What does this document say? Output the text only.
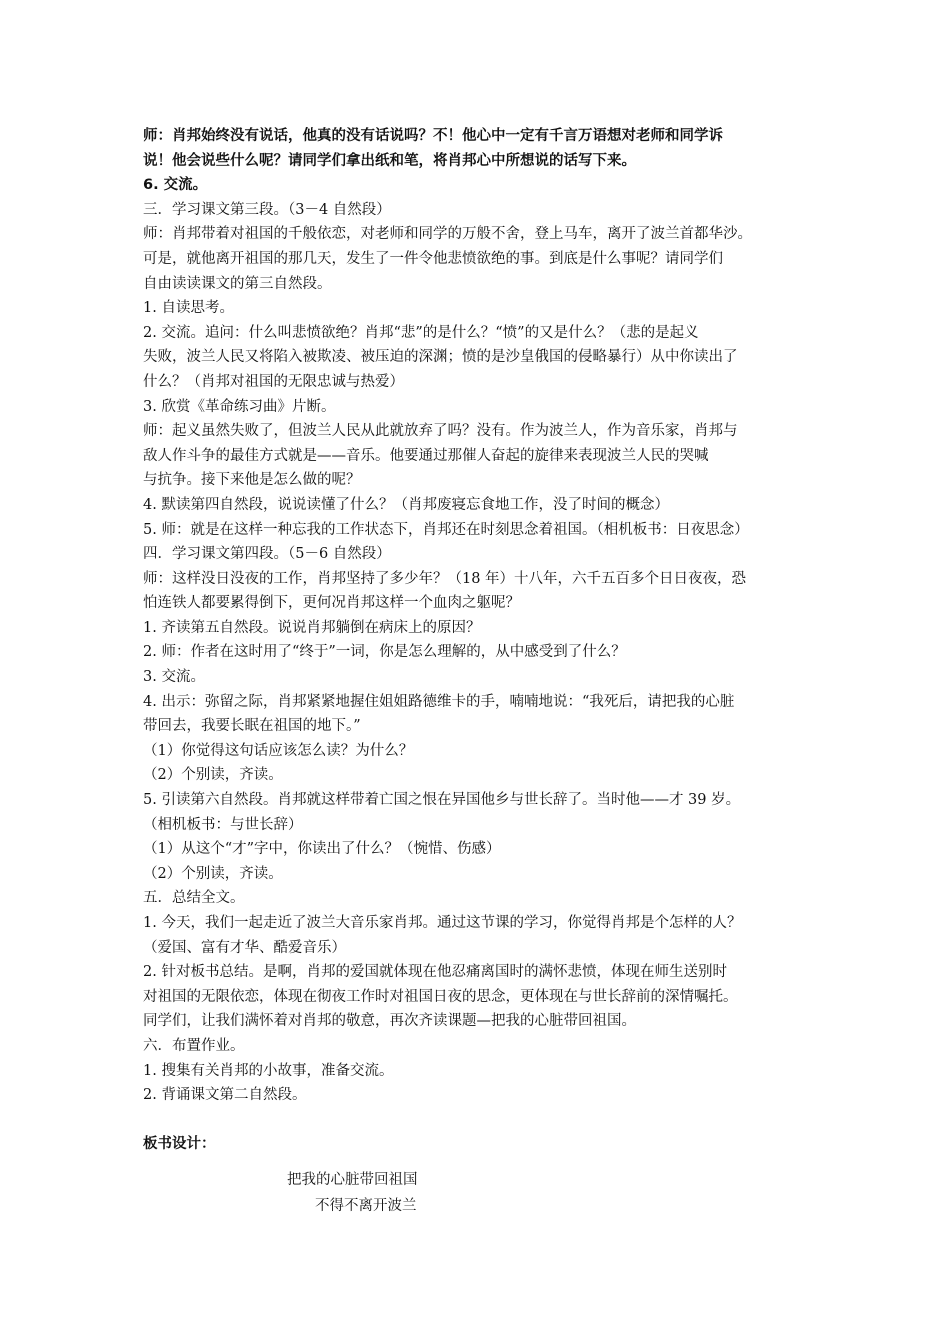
师：肖邦始终没有说话，他真的没有话说吗？不！他心中一定有千言万语想对老师和同学诉
说！他会说些什么呢？请同学们拿出纸和笔，将肖邦心中所想说的话写下来。
6. 交流。
三．学习课文第三段。（3－4 自然段）
师：肖邦带着对祖国的千般依恋，对老师和同学的万般不舍，登上马车，离开了波兰首都华沙。
可是，就他离开祖国的那几天，发生了一件令他悲愤欲绝的事。到底是什么事呢？请同学们
自由读读课文的第三自然段。
1. 自读思考。
2. 交流。追问：什么叫悲愤欲绝？肖邦“悲”的是什么？“愤”的又是什么？（悲的是起义
失败，波兰人民又将陷入被欺凌、被压迫的深渊；愤的是沙皇俄国的侵略暴行）从中你读出了
什么？（肖邦对祖国的无限忠诚与热爱）
3. 欣赏《革命练习曲》片断。
师：起义虽然失败了，但波兰人民从此就放弃了吗？没有。作为波兰人，作为音乐家，肖邦与
敌人作斗争的最佳方式就是——音乐。他要通过那催人奋起的旋律来表现波兰人民的哭喊
与抗争。接下来他是怎么做的呢？
4. 默读第四自然段，说说读懂了什么？（肖邦废寝忘食地工作，没了时间的概念）
5. 师：就是在这样一种忘我的工作状态下，肖邦还在时刻思念着祖国。（相机板书：日夜思念）
四．学习课文第四段。（5－6 自然段）
师：这样没日没夜的工作，肖邦坚持了多少年？（18 年）十八年，六千五百多个日日夜夜，恐
怕连铁人都要累得倒下，更何况肖邦这样一个血肉之躯呢？
1. 齐读第五自然段。说说肖邦躺倒在病床上的原因？
2. 师：作者在这时用了“终于”一词，你是怎么理解的，从中感受到了什么？
3. 交流。
4. 出示：弥留之际，肖邦紧紧地握住姐姐路德维卡的手，喃喃地说：“我死后，请把我的心脏
带回去，我要长眠在祖国的地下。”
（1）你觉得这句话应该怎么读？为什么？
（2）个别读，齐读。
5. 引读第六自然段。肖邦就这样带着亡国之恨在异国他乡与世长辞了。当时他——才 39 岁。
（相机板书：与世长辞）
（1）从这个“才”字中，你读出了什么？（惋惜、伤感）
（2）个别读，齐读。
五．总结全文。
1. 今天，我们一起走近了波兰大音乐家肖邦。通过这节课的学习，你觉得肖邦是个怎样的人？
（爱国、富有才华、酷爱音乐）
2. 针对板书总结。是啊，肖邦的爱国就体现在他忍痛离国时的满怀悲愤，体现在师生送别时
对祖国的无限依恋，体现在彻夜工作时对祖国日夜的思念，更体现在与世长辞前的深情嘱托。
同学们，让我们满怀着对肖邦的敬意，再次齐读课题—把我的心脏带回祖国。
六．布置作业。
1. 搜集有关肖邦的小故事，准备交流。
2. 背诵课文第二自然段。
板书设计：
把我的心脏带回祖国
不得不离开波兰
